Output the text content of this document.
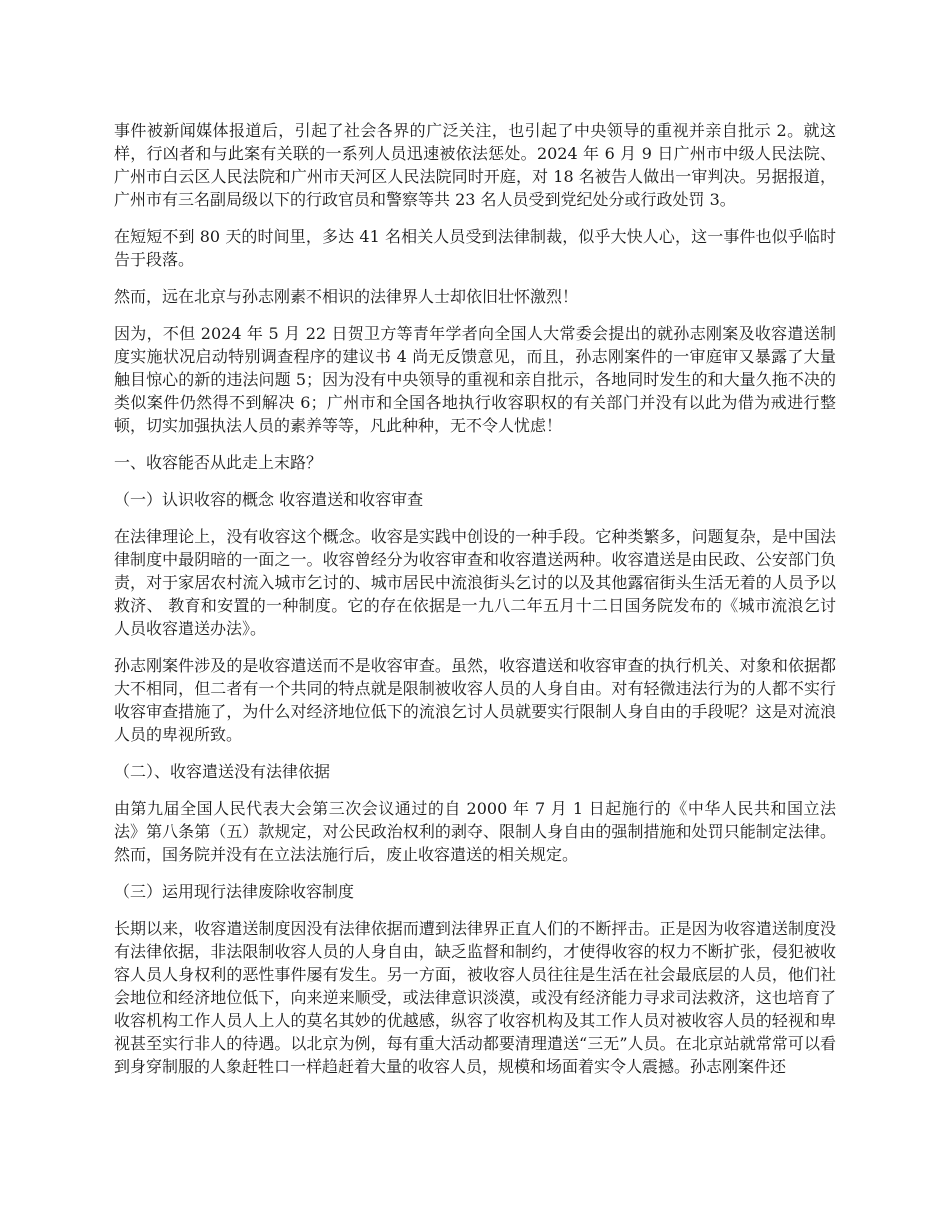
事件被新闻媒体报道后，引起了社会各界的广泛关注，也引起了中央领导的重视并亲自批示 2。就这样，行凶者和与此案有关联的一系列人员迅速被依法惩处。2024 年 6 月 9 日广州市中级人民法院、广州市白云区人民法院和广州市天河区人民法院同时开庭，对 18 名被告人做出一审判决。另据报道，广州市有三名副局级以下的行政官员和警察等共 23 名人员受到党纪处分或行政处罚 3。

在短短不到 80 天的时间里，多达 41 名相关人员受到法律制裁，似乎大快人心，这一事件也似乎临时告于段落。

然而，远在北京与孙志刚素不相识的法律界人士却依旧壮怀激烈！

因为，不但 2024 年 5 月 22 日贺卫方等青年学者向全国人大常委会提出的就孙志刚案及收容遣送制度实施状况启动特别调查程序的建议书 4 尚无反馈意见，而且，孙志刚案件的一审庭审又暴露了大量触目惊心的新的违法问题 5；因为没有中央领导的重视和亲自批示，各地同时发生的和大量久拖不决的类似案件仍然得不到解决 6；广州市和全国各地执行收容职权的有关部门并没有以此为借为戒进行整顿，切实加强执法人员的素养等等，凡此种种，无不令人忧虑！

一、收容能否从此走上末路？

（一）认识收容的概念 收容遣送和收容审查

在法律理论上，没有收容这个概念。收容是实践中创设的一种手段。它种类繁多，问题复杂，是中国法律制度中最阴暗的一面之一。收容曾经分为收容审查和收容遣送两种。收容遣送是由民政、公安部门负责，对于家居农村流入城市乞讨的、城市居民中流浪街头乞讨的以及其他露宿街头生活无着的人员予以救济、 教育和安置的一种制度。它的存在依据是一九八二年五月十二日国务院发布的《城市流浪乞讨人员收容遣送办法》。

孙志刚案件涉及的是收容遣送而不是收容审查。虽然，收容遣送和收容审查的执行机关、对象和依据都大不相同，但二者有一个共同的特点就是限制被收容人员的人身自由。对有轻微违法行为的人都不实行收容审查措施了，为什么对经济地位低下的流浪乞讨人员就要实行限制人身自由的手段呢？这是对流浪人员的卑视所致。

（二）、收容遣送没有法律依据

由第九届全国人民代表大会第三次会议通过的自 2000 年 7 月 1 日起施行的《中华人民共和国立法法》第八条第（五）款规定，对公民政治权利的剥夺、限制人身自由的强制措施和处罚只能制定法律。然而，国务院并没有在立法法施行后，废止收容遣送的相关规定。

（三）运用现行法律废除收容制度

长期以来，收容遣送制度因没有法律依据而遭到法律界正直人们的不断抨击。正是因为收容遣送制度没有法律依据，非法限制收容人员的人身自由，缺乏监督和制约，才使得收容的权力不断扩张，侵犯被收容人员人身权利的恶性事件屡有发生。另一方面，被收容人员往往是生活在社会最底层的人员，他们社会地位和经济地位低下，向来逆来顺受，或法律意识淡漠，或没有经济能力寻求司法救济，这也培育了收容机构工作人员人上人的莫名其妙的优越感，纵容了收容机构及其工作人员对被收容人员的轻视和卑视甚至实行非人的待遇。以北京为例，每有重大活动都要清理遣送“三无”人员。在北京站就常常可以看到身穿制服的人象赶牲口一样趋赶着大量的收容人员，规模和场面着实令人震撼。孙志刚案件还
